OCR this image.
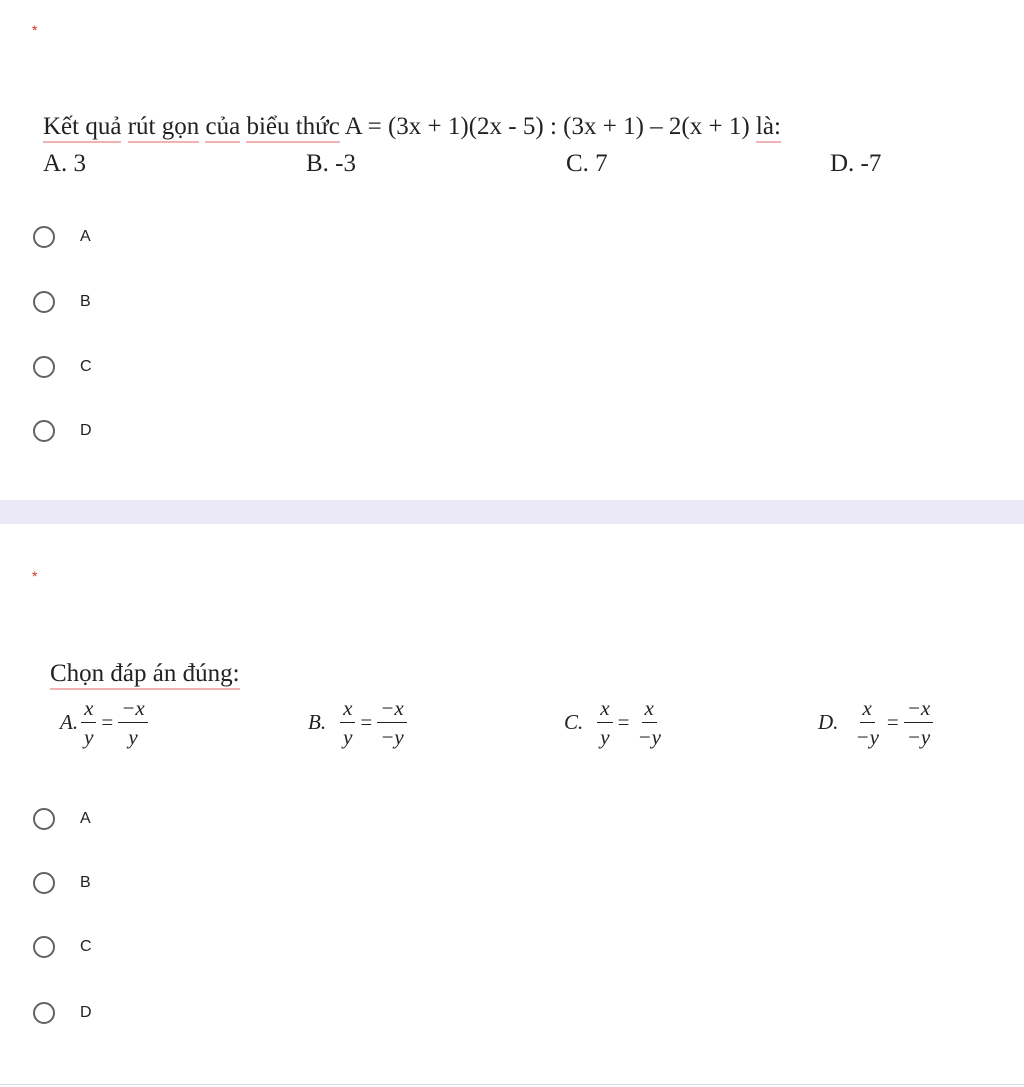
*
Kết quả rút gọn của biểu thức A = (3x + 1)(2x - 5) : (3x + 1) – 2(x + 1) là:
A. 3	B. -3	C. 7	D. -7
A
B
C
D
*
Chọn đáp án đúng:
A. $\frac{x}{y} = \frac{-x}{y}$	B. $\frac{x}{y} = \frac{-x}{-y}$	C. $\frac{x}{y} = \frac{x}{-y}$	D. $\frac{x}{-y} = \frac{-x}{-y}$
A
B
C
D
